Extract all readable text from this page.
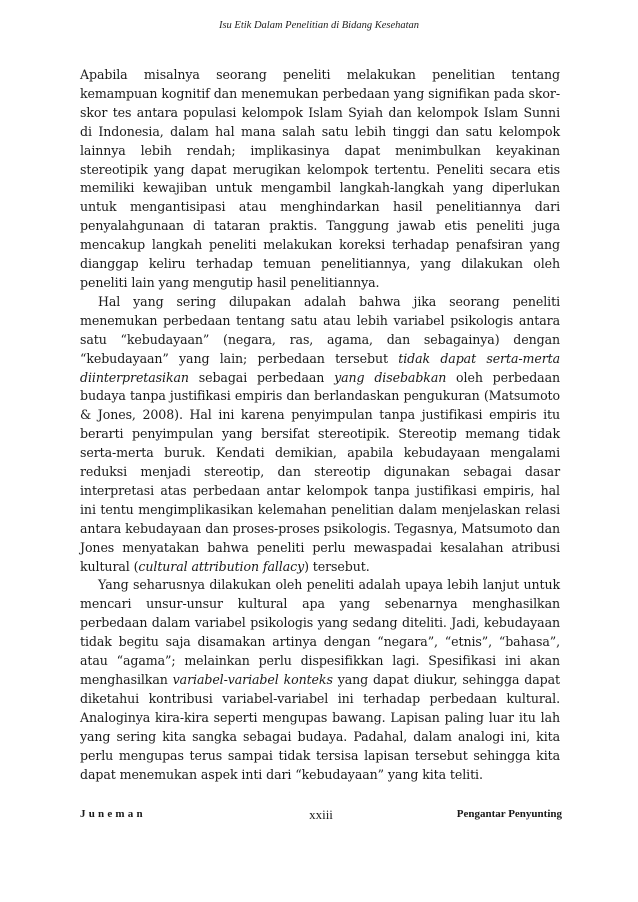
Isu Etik Dalam Penelitian di Bidang Kesehatan

Apabila misalnya seorang peneliti melakukan penelitian tentang kemampuan kognitif dan menemukan perbedaan yang signifikan pada skor-skor tes antara populasi kelompok Islam Syiah dan kelompok Islam Sunni di Indonesia, dalam hal mana salah satu lebih tinggi dan satu kelompok lainnya lebih rendah; implikasinya dapat menimbulkan keyakinan stereotipik yang dapat merugikan kelompok tertentu. Peneliti secara etis memiliki kewajiban untuk mengambil langkah-langkah yang diperlukan untuk mengantisipasi atau menghindarkan hasil penelitiannya dari penyalahgunaan di tataran praktis. Tanggung jawab etis peneliti juga mencakup langkah peneliti melakukan koreksi terhadap penafsiran yang dianggap keliru terhadap temuan penelitiannya, yang dilakukan oleh peneliti lain yang mengutip hasil penelitiannya.

Hal yang sering dilupakan adalah bahwa jika seorang peneliti menemukan perbedaan tentang satu atau lebih variabel psikologis antara satu “kebudayaan” (negara, ras, agama, dan sebagainya) dengan “kebudayaan” yang lain; perbedaan tersebut tidak dapat serta-merta diinterpretasikan sebagai perbedaan yang disebabkan oleh perbedaan budaya tanpa justifikasi empiris dan berlandaskan pengukuran (Matsumoto & Jones, 2008). Hal ini karena penyimpulan tanpa justifikasi empiris itu berarti penyimpulan yang bersifat stereotipik. Stereotip memang tidak serta-merta buruk. Kendati demikian, apabila kebudayaan mengalami reduksi menjadi stereotip, dan stereotip digunakan sebagai dasar interpretasi atas perbedaan antar kelompok tanpa justifikasi empiris, hal ini tentu mengimplikasikan kelemahan penelitian dalam menjelaskan relasi antara kebudayaan dan proses-proses psikologis. Tegasnya, Matsumoto dan Jones menyatakan bahwa peneliti perlu mewaspadai kesalahan atribusi kultural (cultural attribution fallacy) tersebut.

Yang seharusnya dilakukan oleh peneliti adalah upaya lebih lanjut untuk mencari unsur-unsur kultural apa yang sebenarnya menghasilkan perbedaan dalam variabel psikologis yang sedang diteliti. Jadi, kebudayaan tidak begitu saja disamakan artinya dengan “negara”, “etnis”, “bahasa”, atau “agama”; melainkan perlu dispesifikkan lagi. Spesifikasi ini akan menghasilkan variabel-variabel konteks yang dapat diukur, sehingga dapat diketahui kontribusi variabel-variabel ini terhadap perbedaan kultural. Analoginya kira-kira seperti mengupas bawang. Lapisan paling luar itu lah yang sering kita sangka sebagai budaya. Padahal, dalam analogi ini, kita perlu mengupas terus sampai tidak tersisa lapisan tersebut sehingga kita dapat menemukan aspek inti dari “kebudayaan” yang kita teliti.

Juneman	xxiii	Pengantar Penyunting
